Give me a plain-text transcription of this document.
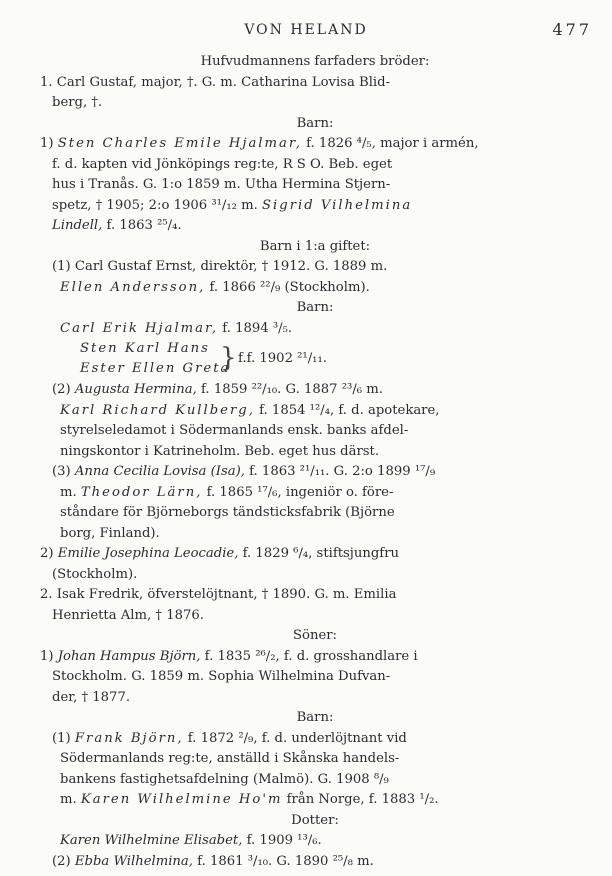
VON HELAND	477
Hufvudmannens farfaders bröder:
1. Carl Gustaf, major, †. G. m. Catharina Lovisa Blid-
berg, †.
Barn:
1) Sten Charles Emile Hjalmar, f. 1826 ⁴/₅, major i armén,
f. d. kapten vid Jönköpings reg:te, R S O. Beb. eget
hus i Tranås. G. 1:o 1859 m. Utha Hermina Stjern-
spetz, † 1905; 2:o 1906 ³¹/₁₂ m. Sigrid Vilhelmina
Lindell, f. 1863 ²⁵/₄.
Barn i 1:a giftet:
(1) Carl Gustaf Ernst, direktör, † 1912. G. 1889 m.
Ellen Andersson, f. 1866 ²²/₉ (Stockholm).
Barn:
Carl Erik Hjalmar, f. 1894 ³/₅.
Sten Karl Hans
Ester Ellen Greta
} f.f. 1902 ²¹/₁₁.
(2) Augusta Hermina, f. 1859 ²²/₁₀. G. 1887 ²³/₆ m.
Karl Richard Kullberg, f. 1854 ¹²/₄, f. d. apotekare,
styrelseledamot i Södermanlands ensk. banks afdel-
ningskontor i Katrineholm. Beb. eget hus därst.
(3) Anna Cecilia Lovisa (Isa), f. 1863 ²¹/₁₁. G. 2:o 1899 ¹⁷/₉
m. Theodor Lärn, f. 1865 ¹⁷/₆, ingeniör o. före-
ståndare för Björneborgs tändsticksfabrik (Björne
borg, Finland).
2) Emilie Josephina Leocadie, f. 1829 ⁶/₄, stiftsjungfru
(Stockholm).
2. Isak Fredrik, öfverstelöjtnant, † 1890. G. m. Emilia
Henrietta Alm, † 1876.
Söner:
1) Johan Hampus Björn, f. 1835 ²⁶/₂, f. d. grosshandlare i
Stockholm. G. 1859 m. Sophia Wilhelmina Dufvan-
der, † 1877.
Barn:
(1) Frank Björn, f. 1872 ²/₉, f. d. underlöjtnant vid
Södermanlands reg:te, anställd i Skånska handels-
bankens fastighetsafdelning (Malmö). G. 1908 ⁸/₉
m. Karen Wilhelmine Ho'm från Norge, f. 1883 ¹/₂.
Dotter:
Karen Wilhelmine Elisabet, f. 1909 ¹³/₆.
(2) Ebba Wilhelmina, f. 1861 ³/₁₀. G. 1890 ²⁵/₈ m.
